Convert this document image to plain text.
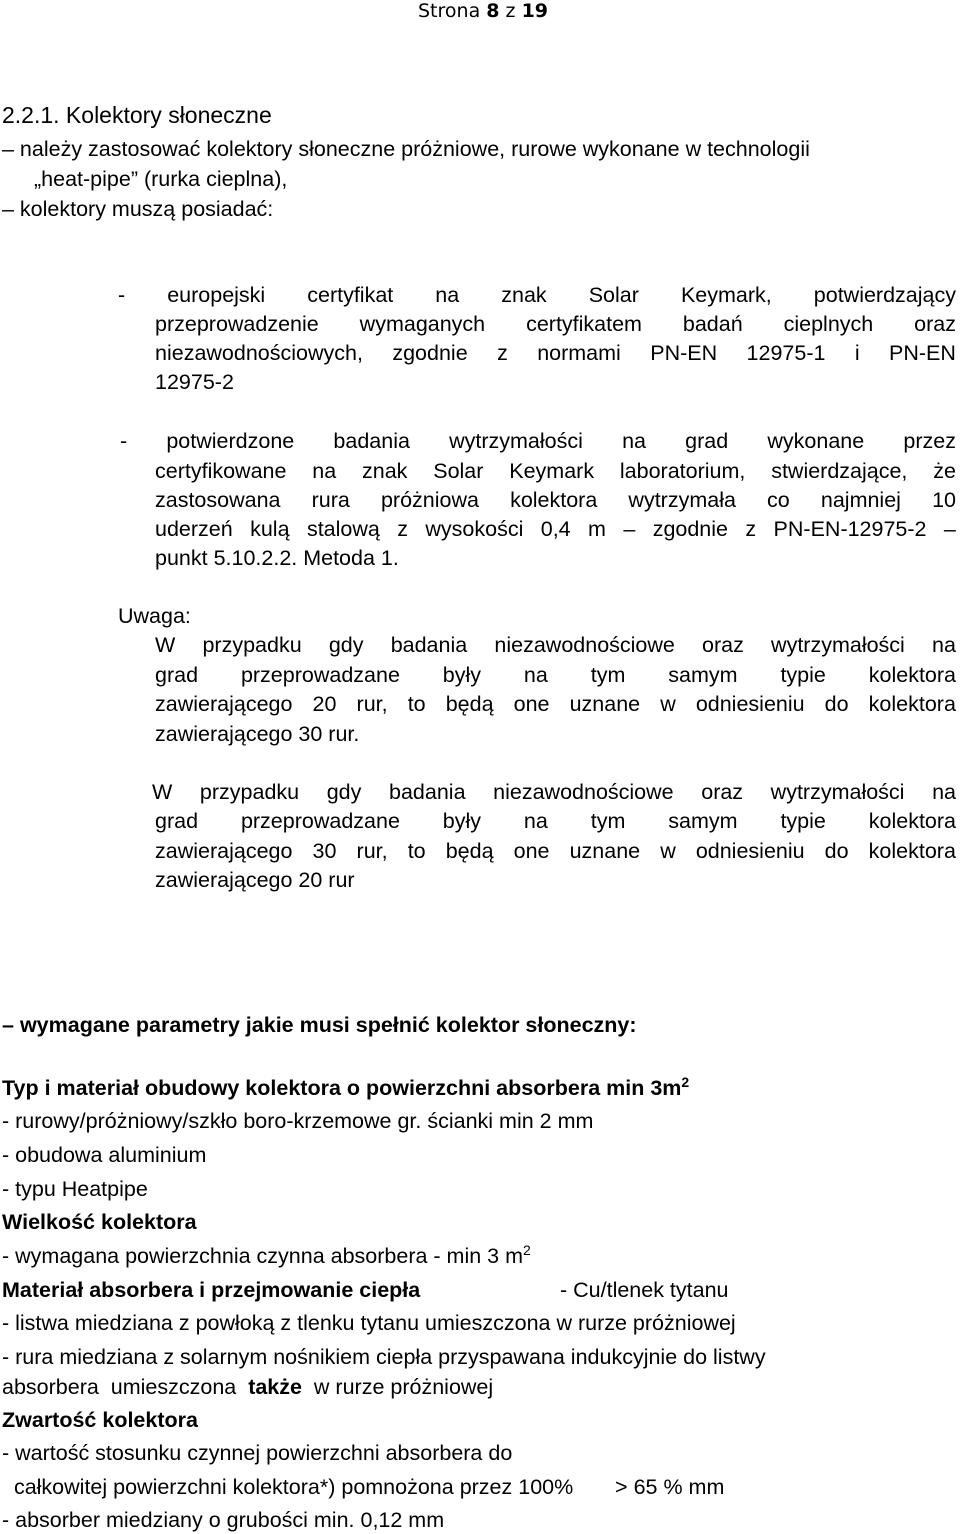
Strona 8 z 19
2.2.1. Kolektory słoneczne
– należy zastosować kolektory słoneczne próżniowe, rurowe wykonane w technologii
„heat-pipe” (rurka cieplna),
– kolektory muszą posiadać:
- europejski certyfikat na znak Solar Keymark, potwierdzający
przeprowadzenie wymaganych certyfikatem badań cieplnych oraz
niezawodnościowych, zgodnie z normami PN-EN 12975-1 i PN-EN
12975-2
- potwierdzone badania wytrzymałości na grad wykonane przez
certyfikowane na znak Solar Keymark laboratorium, stwierdzające, że
zastosowana rura próżniowa kolektora wytrzymała co najmniej 10
uderzeń kulą stalową z wysokości 0,4 m – zgodnie z PN-EN-12975-2 –
punkt 5.10.2.2. Metoda 1.
Uwaga:
W przypadku gdy badania niezawodnościowe oraz wytrzymałości na
grad przeprowadzane były na tym samym typie kolektora
zawierającego 20 rur, to będą one uznane w odniesieniu do kolektora
zawierającego 30 rur.
W przypadku gdy badania niezawodnościowe oraz wytrzymałości na
grad przeprowadzane były na tym samym typie kolektora
zawierającego 30 rur, to będą one uznane w odniesieniu do kolektora
zawierającego 20 rur
– wymagane parametry jakie musi spełnić kolektor słoneczny:
Typ i materiał obudowy kolektora o powierzchni absorbera $\min 3m^2$
- rurowy/próżniowy/szkło boro-krzemowe gr. ścianki min 2 mm
- obudowa aluminium
- typu Heatpipe
Wielkość kolektora
- wymagana powierzchnia czynna absorbera - min 3 $m^2$
Materiał absorbera i przejmowanie ciepła	- Cu/tlenek tytanu
- listwa miedziana z powłoką z tlenku tytanu umieszczona w rurze próżniowej
- rura miedziana z solarnym nośnikiem ciepła przyspawana indukcyjnie do listwy
absorbera  umieszczona  także  w rurze próżniowej
Zwartość kolektora
- wartość stosunku czynnej powierzchni absorbera do
całkowitej powierzchni kolektora*) pomnożona przez 100%       > 65 % mm
- absorber miedziany o grubości min. 0,12 mm
